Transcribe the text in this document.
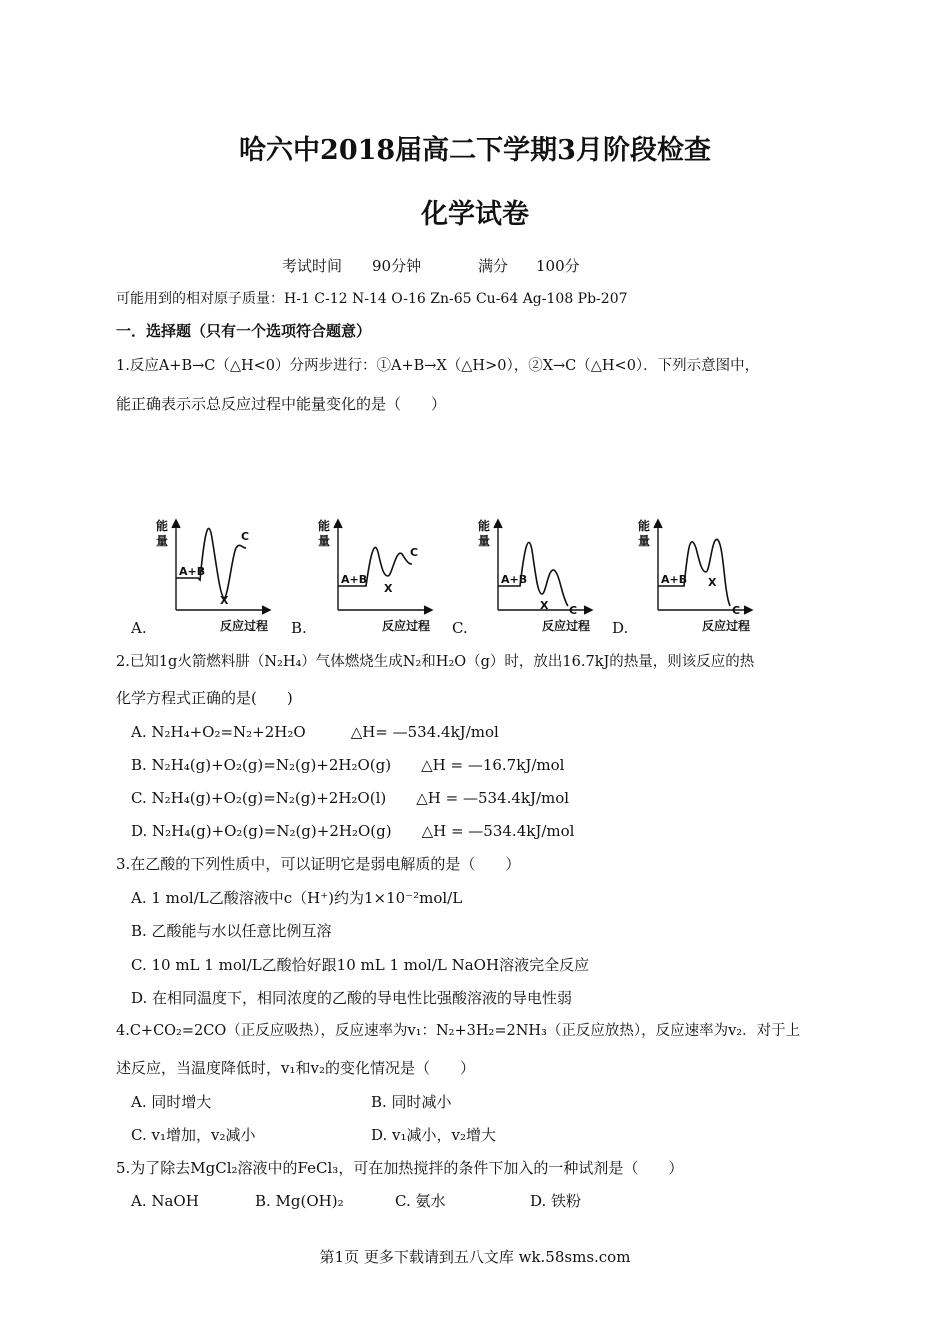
哈六中2018届高二下学期3月阶段检查
化学试卷
考试时间 90分钟	满分 100分
可能用到的相对原子质量：H-1 C-12 N-14 O-16 Zn-65 Cu-64 Ag-108 Pb-207
一．选择题（只有一个选项符合题意）
1.反应A+B→C（△H<0）分两步进行：①A+B→X（△H>0），②X→C（△H<0）．下列示意图中，
能正确表示示总反应过程中能量变化的是（　　）
能
量
A+B
X
C
反应过程
A.
能
量
A+B
X
C
反应过程
B.
能
量
A+B
X C
反应过程
C.
能
量
A+B X
C
反应过程
D.
2.已知1g火箭燃料肼（N₂H₄）气体燃烧生成N₂和H₂O（g）时，放出16.7kJ的热量，则该反应的热
化学方程式正确的是(　　)
A. N₂H₄+O₂=N₂+2H₂O　　　△H= —534.4kJ/mol
B. N₂H₄(g)+O₂(g)=N₂(g)+2H₂O(g)　　△H = —16.7kJ/mol
C. N₂H₄(g)+O₂(g)=N₂(g)+2H₂O(l)　　△H = —534.4kJ/mol
D. N₂H₄(g)+O₂(g)=N₂(g)+2H₂O(g)　　△H = —534.4kJ/mol
3.在乙酸的下列性质中，可以证明它是弱电解质的是（　　）
A. 1 mol/L乙酸溶液中c（H⁺)约为1×10⁻²mol/L
B. 乙酸能与水以任意比例互溶
C. 10 mL 1 mol/L乙酸恰好跟10 mL 1 mol/L NaOH溶液完全反应
D. 在相同温度下，相同浓度的乙酸的导电性比强酸溶液的导电性弱
4.C+CO₂=2CO（正反应吸热），反应速率为v₁：N₂+3H₂=2NH₃（正反应放热），反应速率为v₂．对于上
述反应，当温度降低时，v₁和v₂的变化情况是（　　）
A. 同时增大	B. 同时减小
C. v₁增加，v₂减小	D. v₁减小，v₂增大
5.为了除去MgCl₂溶液中的FeCl₃，可在加热搅拌的条件下加入的一种试剂是（　　）
A. NaOH	B. Mg(OH)₂	C. 氨水	D. 铁粉
第1页 更多下载请到五八文库 wk.58sms.com
